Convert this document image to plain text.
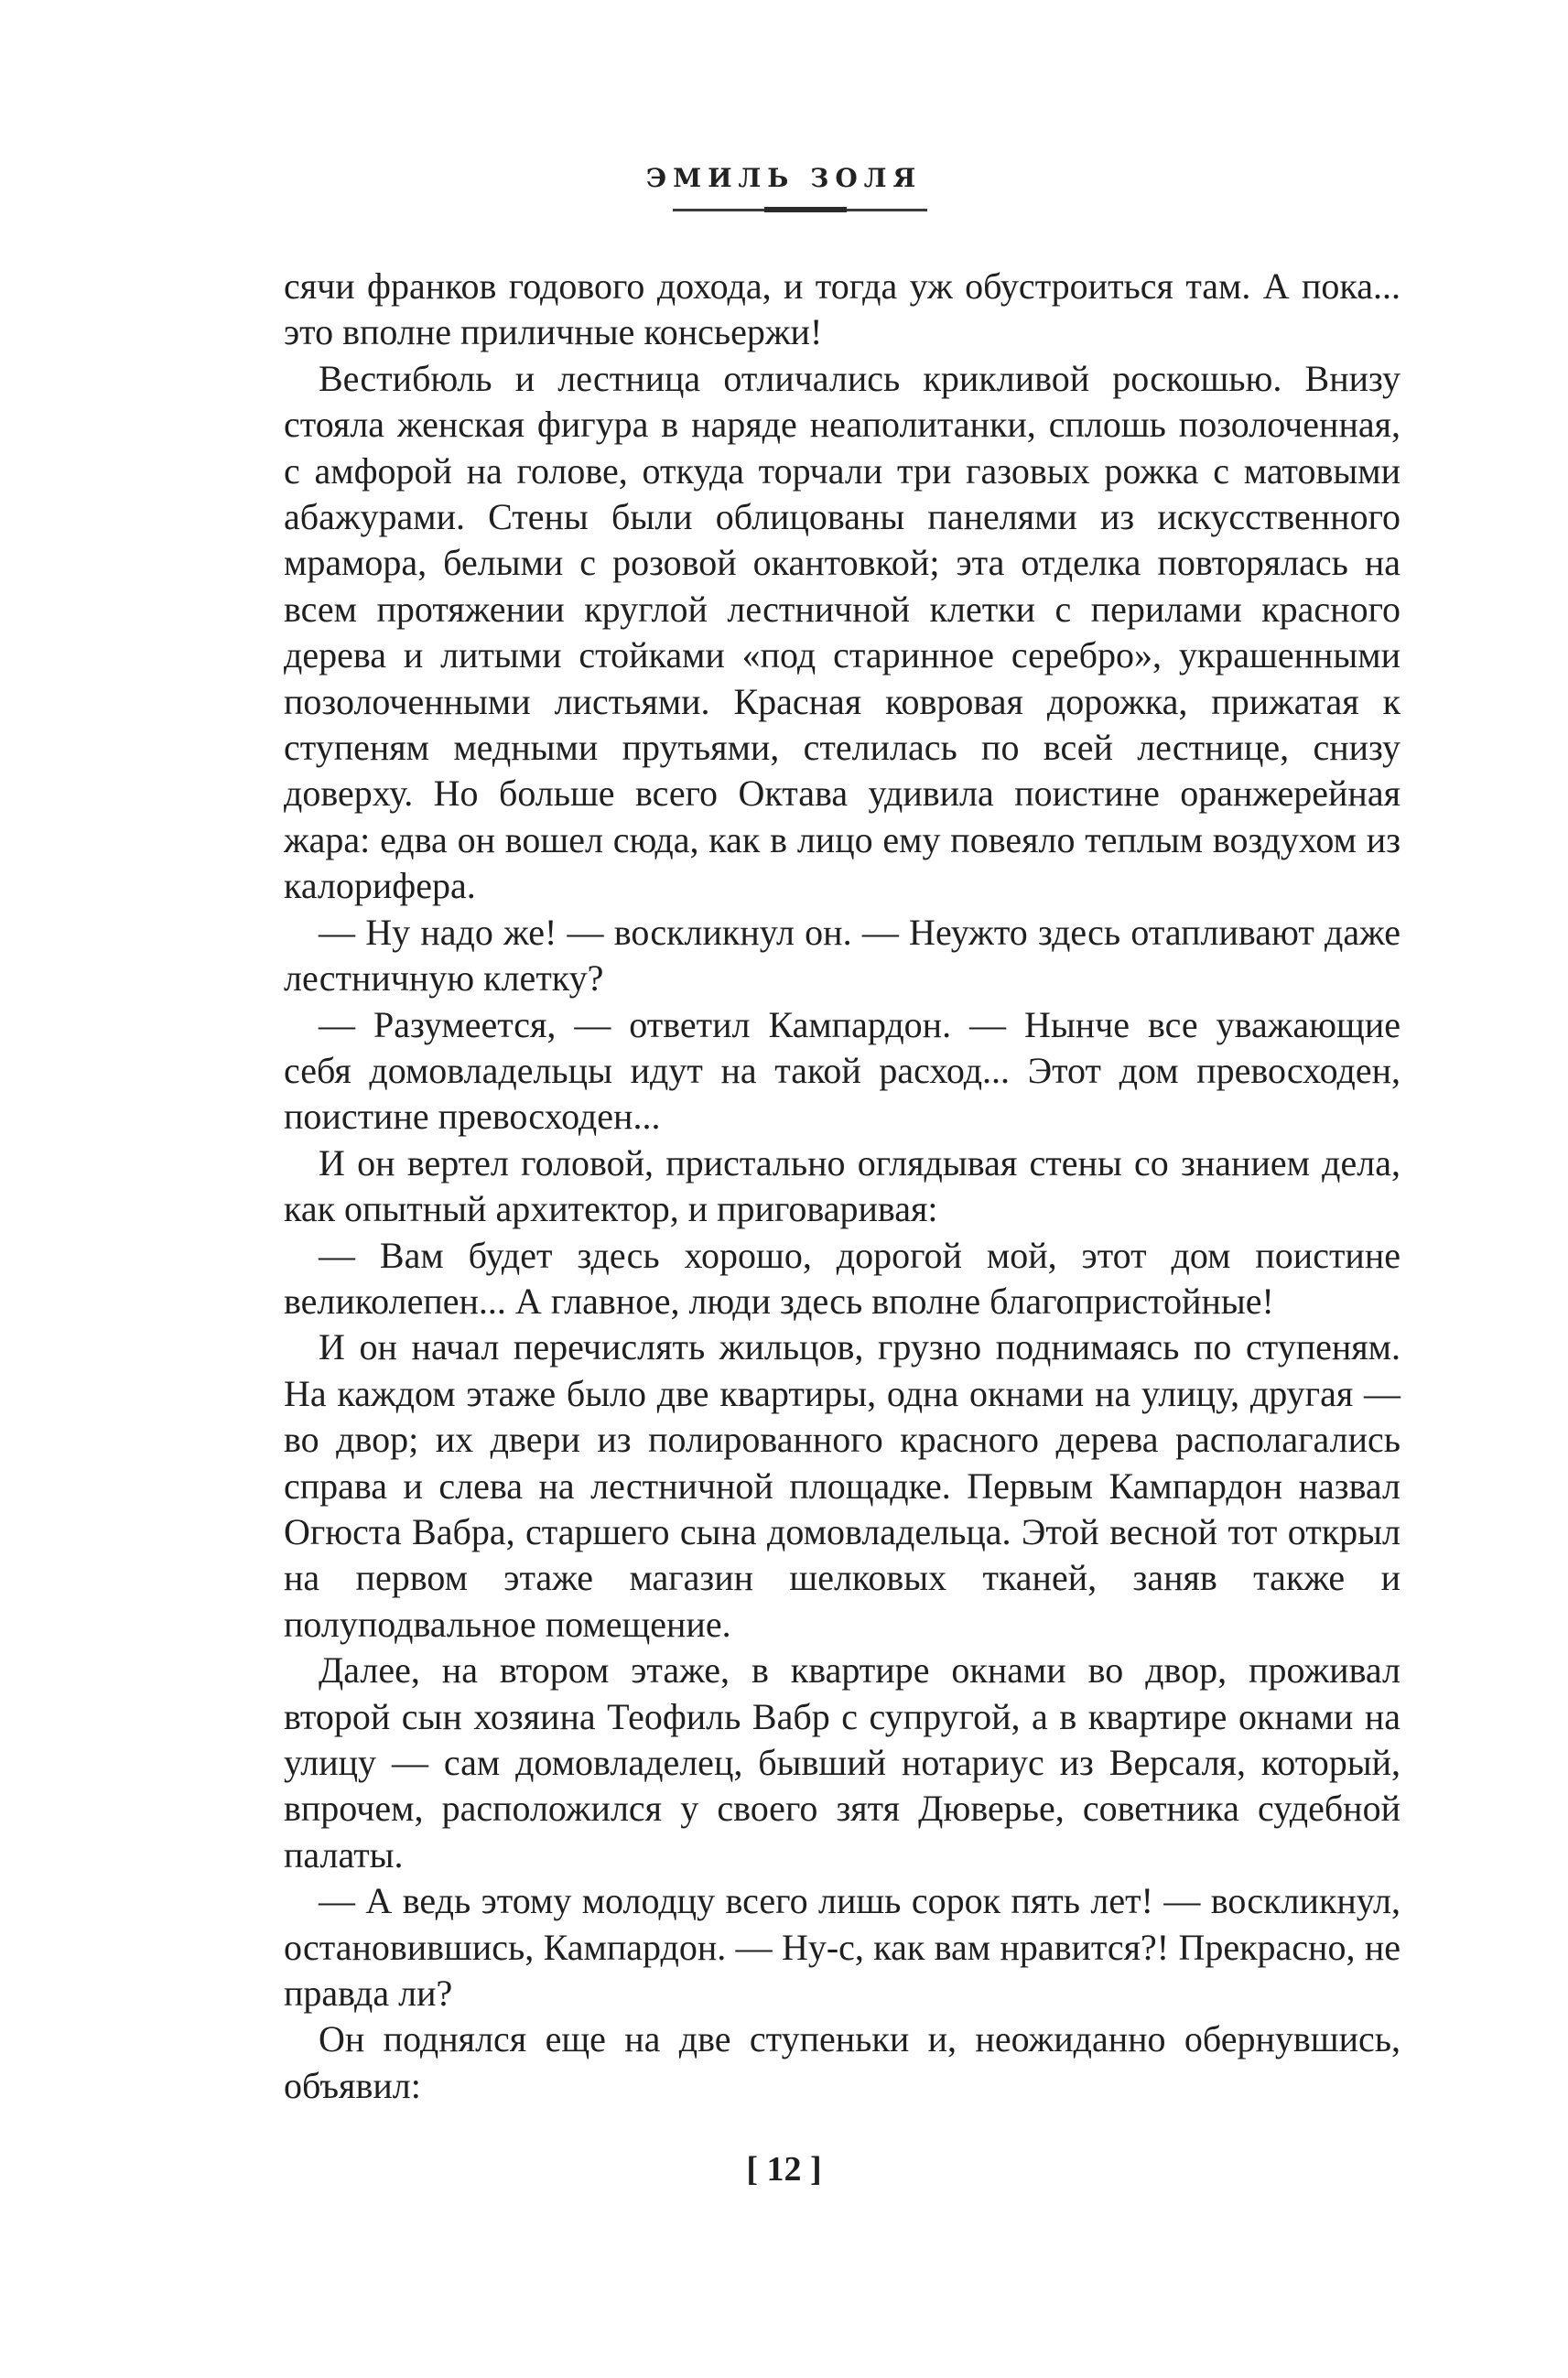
ЭМИЛЬ ЗОЛЯ

сячи франков годового дохода, и тогда уж обустроиться там. А пока... это вполне приличные консьержи!

Вестибюль и лестница отличались крикливой роскошью. Внизу стояла женская фигура в наряде неаполитанки, сплошь позолоченная, с амфорой на голове, откуда торчали три газовых рожка с матовыми абажурами. Стены были облицованы панелями из искусственного мрамора, белыми с розовой окантовкой; эта отделка повторялась на всем протяжении круглой лестничной клетки с перилами красного дерева и литыми стойками «под старинное серебро», украшенными позолоченными листьями. Красная ковровая дорожка, прижатая к ступеням медными прутьями, стелилась по всей лестнице, снизу доверху. Но больше всего Октава удивила поистине оранжерейная жара: едва он вошел сюда, как в лицо ему повеяло теплым воздухом из калорифера.

— Ну надо же! — воскликнул он. — Неужто здесь отапливают даже лестничную клетку?

— Разумеется, — ответил Кампардон. — Нынче все уважающие себя домовладельцы идут на такой расход... Этот дом превосходен, поистине превосходен...

И он вертел головой, пристально оглядывая стены со знанием дела, как опытный архитектор, и приговаривая:

— Вам будет здесь хорошо, дорогой мой, этот дом поистине великолепен... А главное, люди здесь вполне благопристойные!

И он начал перечислять жильцов, грузно поднимаясь по ступеням. На каждом этаже было две квартиры, одна окнами на улицу, другая — во двор; их двери из полированного красного дерева располагались справа и слева на лестничной площадке. Первым Кампардон назвал Огюста Вабра, старшего сына домовладельца. Этой весной тот открыл на первом этаже магазин шелковых тканей, заняв также и полуподвальное помещение.

Далее, на втором этаже, в квартире окнами во двор, проживал второй сын хозяина Теофиль Вабр с супругой, а в квартире окнами на улицу — сам домовладелец, бывший нотариус из Версаля, который, впрочем, расположился у своего зятя Дюверье, советника судебной палаты.

— А ведь этому молодцу всего лишь сорок пять лет! — воскликнул, остановившись, Кампардон. — Ну-с, как вам нравится?! Прекрасно, не правда ли?

Он поднялся еще на две ступеньки и, неожиданно обернувшись, объявил:

[ 12 ]
